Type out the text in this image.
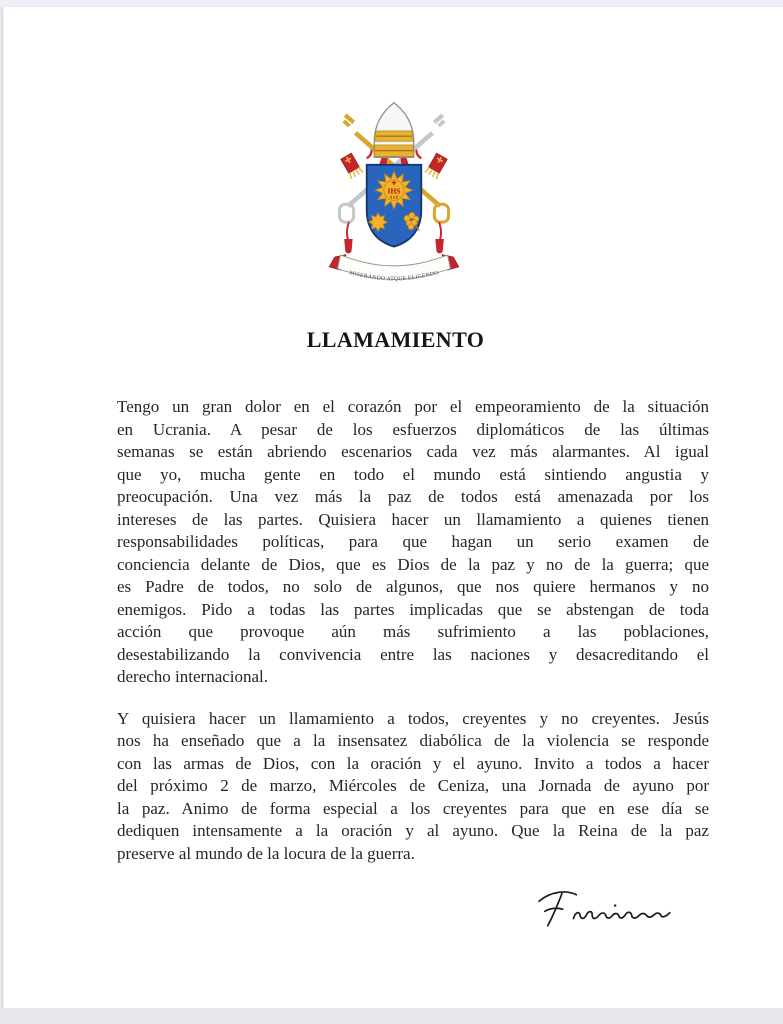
IHS
MISERANDO ATQUE ELIGENDO
LLAMAMIENTO
Tengo un gran dolor en el corazón por el empeoramiento de la situación
en Ucrania. A pesar de los esfuerzos diplomáticos de las últimas
semanas se están abriendo escenarios cada vez más alarmantes. Al igual
que yo, mucha gente en todo el mundo está sintiendo angustia y
preocupación. Una vez más la paz de todos está amenazada por los
intereses de las partes. Quisiera hacer un llamamiento a quienes tienen
responsabilidades políticas, para que hagan un serio examen de
conciencia delante de Dios, que es Dios de la paz y no de la guerra; que
es Padre de todos, no solo de algunos, que nos quiere hermanos y no
enemigos. Pido a todas las partes implicadas que se abstengan de toda
acción que provoque aún más sufrimiento a las poblaciones,
desestabilizando la convivencia entre las naciones y desacreditando el
derecho internacional.
Y quisiera hacer un llamamiento a todos, creyentes y no creyentes. Jesús
nos ha enseñado que a la insensatez diabólica de la violencia se responde
con las armas de Dios, con la oración y el ayuno. Invito a todos a hacer
del próximo 2 de marzo, Miércoles de Ceniza, una Jornada de ayuno por
la paz. Animo de forma especial a los creyentes para que en ese día se
dediquen intensamente a la oración y al ayuno. Que la Reina de la paz
preserve al mundo de la locura de la guerra.
